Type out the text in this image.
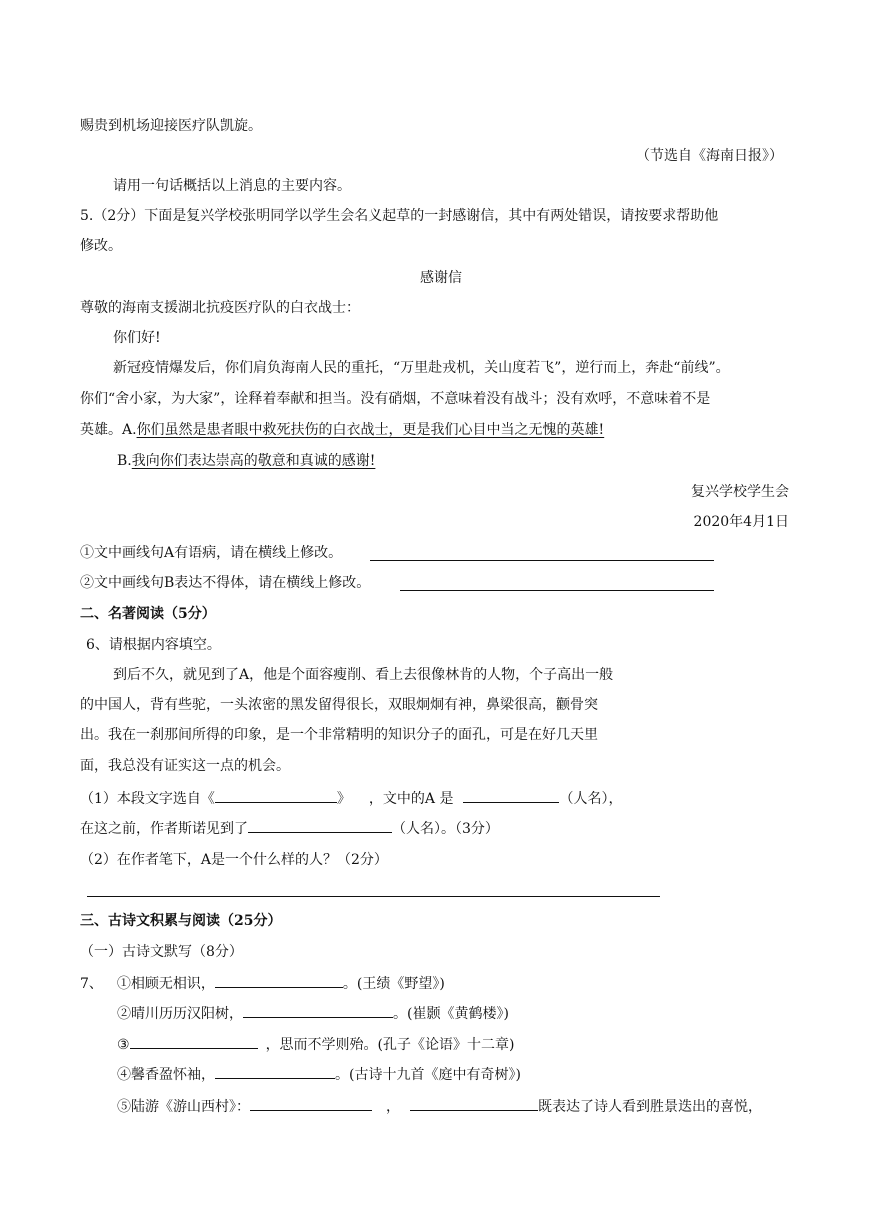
赐贵到机场迎接医疗队凯旋。
（节选自《海南日报》）
请用一句话概括以上消息的主要内容。
5.（2分）下面是复兴学校张明同学以学生会名义起草的一封感谢信，其中有两处错误，请按要求帮助他
修改。
感谢信
尊敬的海南支援湖北抗疫医疗队的白衣战士：
你们好!
新冠疫情爆发后，你们肩负海南人民的重托，“万里赴戎机，关山度若飞”，逆行而上，奔赴“前线”。
你们“舍小家，为大家”，诠释着奉献和担当。没有硝烟，不意味着没有战斗；没有欢呼，不意味着不是
英雄。A.你们虽然是患者眼中救死扶伤的白衣战士，更是我们心目中当之无愧的英雄!
B.我向你们表达崇高的敬意和真诚的感谢!
复兴学校学生会
2020年4月1日
①文中画线句A有语病，请在横线上修改。
②文中画线句B表达不得体，请在横线上修改。
二、名著阅读（5分）
6、请根据内容填空。
到后不久，就见到了A，他是个面容瘦削、看上去很像林肯的人物，个子高出一般
的中国人，背有些驼，一头浓密的黑发留得很长，双眼炯炯有神，鼻梁很高，颧骨突
出。我在一刹那间所得的印象，是一个非常精明的知识分子的面孔，可是在好几天里
面，我总没有证实这一点的机会。
（1）本段文字选自《	》 ，文中的A 是	（人名），
在这之前，作者斯诺见到了	（人名）。（3分）
（2）在作者笔下，A是一个什么样的人？（2分）
三、古诗文积累与阅读（25分）
（一）古诗文默写（8分）
7、 ①相顾无相识，	。(王绩《野望》)
②晴川历历汉阳树，	。(崔颢《黄鹤楼》)
③	，思而不学则殆。(孔子《论语》十二章)
④馨香盈怀袖，	。(古诗十九首《庭中有奇树》)
⑤陆游《游山西村》：	，	既表达了诗人看到胜景迭出的喜悦，
